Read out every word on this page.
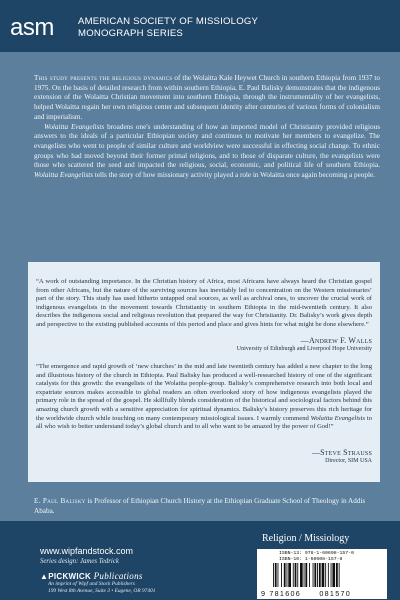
asm	AMERICAN SOCIETY OF MISSIOLOGY
MONOGRAPH SERIES

This study presents the religious dynamics of the Wolaitta Kale Heywet Church in southern Ethiopia from 1937 to 1975. On the basis of detailed research from within southern Ethiopia, E. Paul Balisky demonstrates that the indigenous extension of the Wolaitta Christian movement into southern Ethiopia, through the instrumentality of her evangelists, helped Wolaitta regain her own religious center and subsequent identity after centuries of various forms of colonialism and imperialism.

Wolaitta Evangelists broadens one's understanding of how an imported model of Christianity provided religious answers to the ideals of a particular Ethiopian society and continues to motivate her members to evangelize. The evangelists who went to people of similar culture and worldview were successful in effecting social change. To ethnic groups who had moved beyond their former primal religions, and to those of disparate culture, the evangelists were those who scattered the seed and impacted the religious, social, economic, and political life of southern Ethiopia. Wolaitta Evangelists tells the story of how missionary activity played a role in Wolaitta once again becoming a people.

“A work of outstanding importance. In the Christian history of Africa, most Africans have always heard the Christian gospel from other Africans, but the nature of the surviving sources has inevitably led to concentration on the Western missionaries’ part of the story. This study has used hitherto untapped oral sources, as well as archival ones, to uncover the crucial work of indigenous evangelists in the movement towards Christianity in southern Ethiopia in the mid-twentieth century. It also describes the indigenous social and religious revolution that prepared the way for Christianity. Dr. Balisky’s work gives depth and perspective to the existing published accounts of this period and place and gives hints for what might be done elsewhere.”
—Andrew F. Walls
University of Edinburgh and Liverpool Hope University
“The emergence and rapid growth of ‘new churches’ in the mid and late twentieth century has added a new chapter to the long and illustrious history of the church in Ethiopia. Paul Balisky has produced a well-researched history of one of the significant catalysts for this growth: the evangelists of the Wolaitta people-group. Balisky’s comprehensive research into both local and expatriate sources makes accessible to global readers an often overlooked story of how indigenous evangelists played the primary role in the spread of the gospel. He skillfully blends consideration of the historical and sociological factors behind this amazing church growth with a sensitive appreciation for spiritual dynamics. Balisky’s history preserves this rich heritage for the worldwide church while touching on many contemporary missiological issues. I warmly commend Wolaitta Evangelists to all who wish to better understand today’s global church and to all who want to be amazed by the power of God!”
—Steve Strauss
Director, SIM USA
E. Paul Balisky is Professor of Ethiopian Church History at the Ethiopian Graduate School of Theology in Addis Ababa.
www.wipfandstock.com
Series design: James Tedrick
▲PICKWICK Publications
An imprint of Wipf and Stock Publishers
199 West 8th Avenue, Suite 3 • Eugene, OR 97401
Religion / Missiology
ISBN-13: 978-1-60608-157-0
ISBN-10: 1-60608-157-8
9 781606	081570
